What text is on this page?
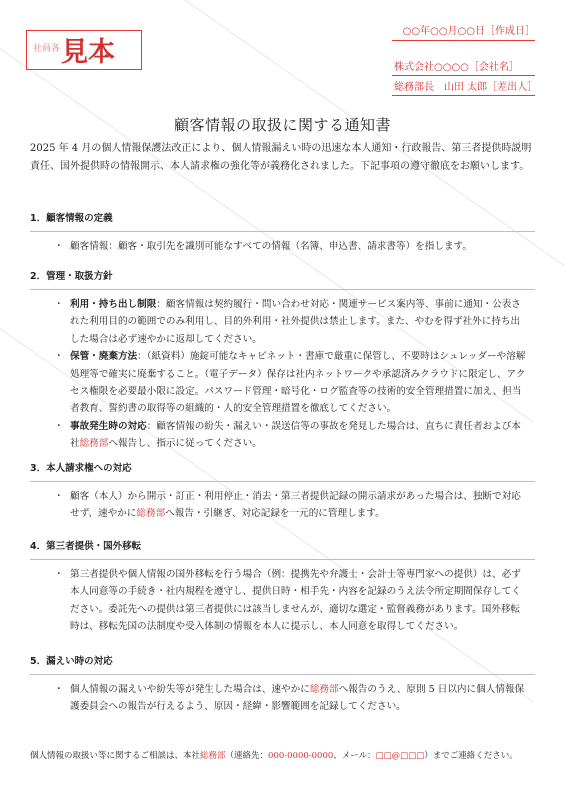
社員各 見本
○○年○○月○○日［作成日］
株式会社○○○○［会社名］
総務部長　山田 太郎［差出人］
顧客情報の取扱に関する通知書
2025 年 4 月の個人情報保護法改正により、個人情報漏えい時の迅速な本人通知・行政報告、第三者提供時説明責任、国外提供時の情報開示、本人請求権の強化等が義務化されました。下記事項の遵守徹底をお願いします。
1．顧客情報の定義
・ 顧客情報：顧客・取引先を識別可能なすべての情報（名簿、申込書、請求書等）を指します。
2．管理・取扱方針
・ 利用・持ち出し制限：顧客情報は契約履行・問い合わせ対応・関連サービス案内等、事前に通知・公表された利用目的の範囲でのみ利用し、目的外利用・社外提供は禁止します。また、やむを得ず社外に持ち出した場合は必ず速やかに返却してください。
・ 保管・廃棄方法：（紙資料）施錠可能なキャビネット・書庫で厳重に保管し、不要時はシュレッダーや溶解処理等で確実に廃棄すること。（電子データ）保存は社内ネットワークや承認済みクラウドに限定し、アクセス権限を必要最小限に設定。パスワード管理・暗号化・ログ監査等の技術的安全管理措置に加え、担当者教育、誓約書の取得等の組織的・人的安全管理措置を徹底してください。
・ 事故発生時の対応：顧客情報の紛失・漏えい・誤送信等の事故を発見した場合は、直ちに責任者および本社総務部へ報告し、指示に従ってください。
3．本人請求権への対応
・ 顧客（本人）から開示・訂正・利用停止・消去・第三者提供記録の開示請求があった場合は、独断で対応せず、速やかに総務部へ報告・引継ぎ、対応記録を一元的に管理します。
4．第三者提供・国外移転
・ 第三者提供や個人情報の国外移転を行う場合（例：提携先や弁護士・会計士等専門家への提供）は、必ず本人同意等の手続き・社内規程を遵守し、提供日時・相手先・内容を記録のうえ法令所定期間保存してください。委託先への提供は第三者提供には該当しませんが、適切な選定・監督義務があります。国外移転時は、移転先国の法制度や受入体制の情報を本人に提示し、本人同意を取得してください。
5．漏えい時の対応
・ 個人情報の漏えいや紛失等が発生した場合は、速やかに総務部へ報告のうえ、原則 5 日以内に個人情報保護委員会への報告が行えるよう、原因・経緯・影響範囲を記録してください。
個人情報の取扱い等に関するご相談は、本社総務部（連絡先：000-0000-0000、メール：□□@□□□）までご連絡ください。
